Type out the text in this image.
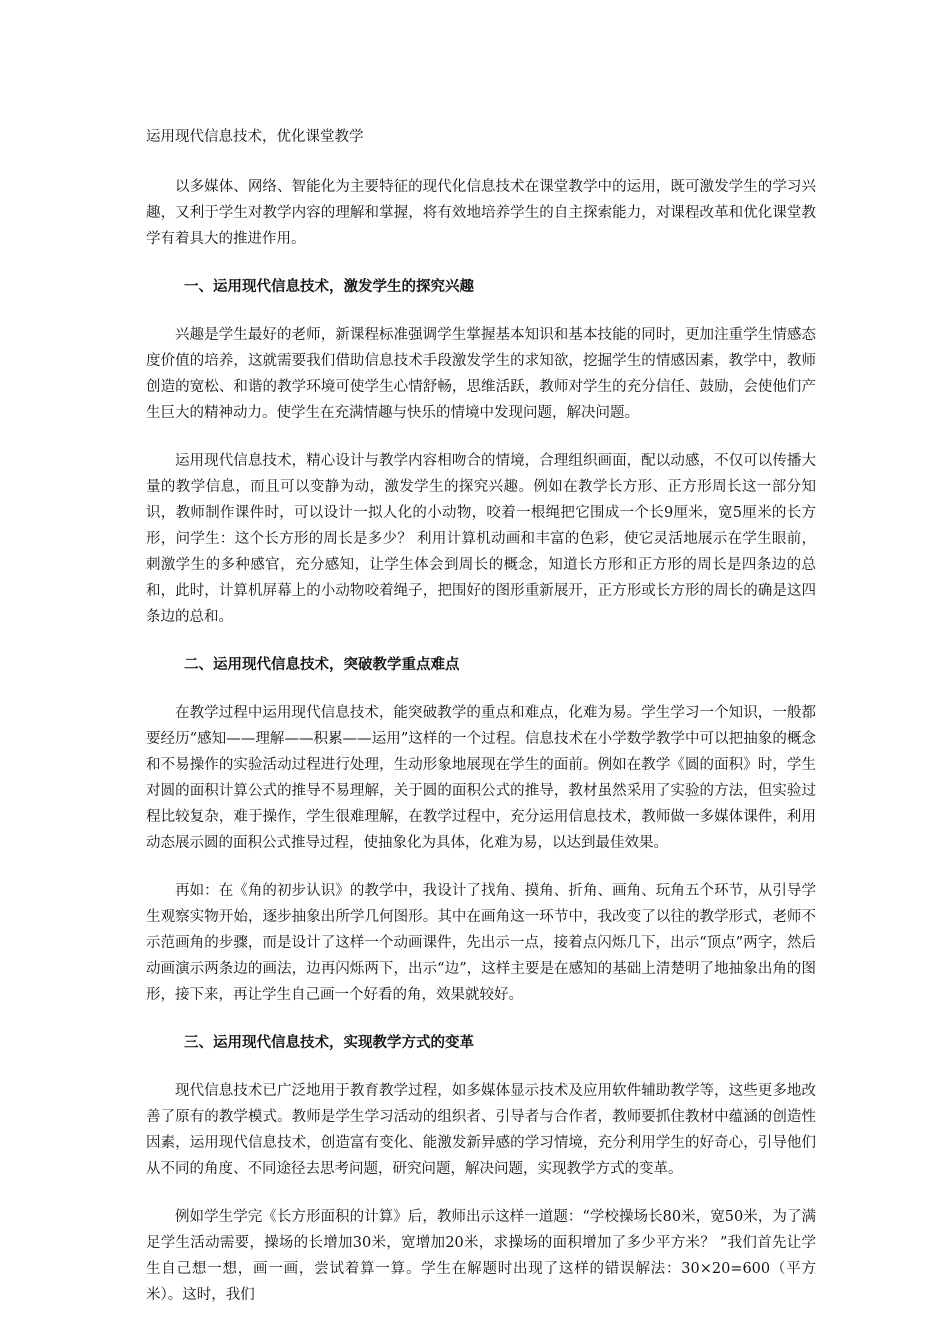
运用现代信息技术，优化课堂教学

以多媒体、网络、智能化为主要特征的现代化信息技术在课堂教学中的运用，既可激发学生的学习兴趣，又利于学生对教学内容的理解和掌握，将有效地培养学生的自主探索能力，对课程改革和优化课堂教学有着具大的推进作用。

一、运用现代信息技术，激发学生的探究兴趣

兴趣是学生最好的老师，新课程标准强调学生掌握基本知识和基本技能的同时，更加注重学生情感态度价值的培养，这就需要我们借助信息技术手段激发学生的求知欲，挖掘学生的情感因素，教学中，教师创造的宽松、和谐的教学环境可使学生心情舒畅，思维活跃，教师对学生的充分信任、鼓励，会使他们产生巨大的精神动力。使学生在充满情趣与快乐的情境中发现问题，解决问题。

运用现代信息技术，精心设计与教学内容相吻合的情境，合理组织画面，配以动感，不仅可以传播大量的教学信息，而且可以变静为动，激发学生的探究兴趣。例如在教学长方形、正方形周长这一部分知识，教师制作课件时，可以设计一拟人化的小动物，咬着一根绳把它围成一个长9厘米，宽5厘米的长方形，问学生：这个长方形的周长是多少？ 利用计算机动画和丰富的色彩，使它灵活地展示在学生眼前，刺激学生的多种感官，充分感知，让学生体会到周长的概念，知道长方形和正方形的周长是四条边的总和，此时，计算机屏幕上的小动物咬着绳子，把围好的图形重新展开，正方形或长方形的周长的确是这四条边的总和。

二、运用现代信息技术，突破教学重点难点

在教学过程中运用现代信息技术，能突破教学的重点和难点，化难为易。学生学习一个知识，一般都要经历“感知——理解——积累——运用”这样的一个过程。信息技术在小学数学教学中可以把抽象的概念和不易操作的实验活动过程进行处理，生动形象地展现在学生的面前。例如在教学《圆的面积》时，学生对圆的面积计算公式的推导不易理解，关于圆的面积公式的推导，教材虽然采用了实验的方法，但实验过程比较复杂，难于操作，学生很难理解，在教学过程中，充分运用信息技术，教师做一多媒体课件，利用动态展示圆的面积公式推导过程，使抽象化为具体，化难为易，以达到最佳效果。

再如：在《角的初步认识》的教学中，我设计了找角、摸角、折角、画角、玩角五个环节，从引导学生观察实物开始，逐步抽象出所学几何图形。其中在画角这一环节中，我改变了以往的教学形式，老师不示范画角的步骤，而是设计了这样一个动画课件，先出示一点，接着点闪烁几下，出示“顶点”两字，然后动画演示两条边的画法，边再闪烁两下，出示“边”，这样主要是在感知的基础上清楚明了地抽象出角的图形，接下来，再让学生自己画一个好看的角，效果就较好。

三、运用现代信息技术，实现教学方式的变革

现代信息技术已广泛地用于教育教学过程，如多媒体显示技术及应用软件辅助教学等，这些更多地改善了原有的教学模式。教师是学生学习活动的组织者、引导者与合作者，教师要抓住教材中蕴涵的创造性因素，运用现代信息技术，创造富有变化、能激发新异感的学习情境，充分利用学生的好奇心，引导他们从不同的角度、不同途径去思考问题，研究问题，解决问题，实现教学方式的变革。

例如学生学完《长方形面积的计算》后，教师出示这样一道题：“学校操场长80米，宽50米，为了满足学生活动需要，操场的长增加30米，宽增加20米，求操场的面积增加了多少平方米？ ”我们首先让学生自己想一想，画一画，尝试着算一算。学生在解题时出现了这样的错误解法：30×20=600（平方米）。这时，我们
